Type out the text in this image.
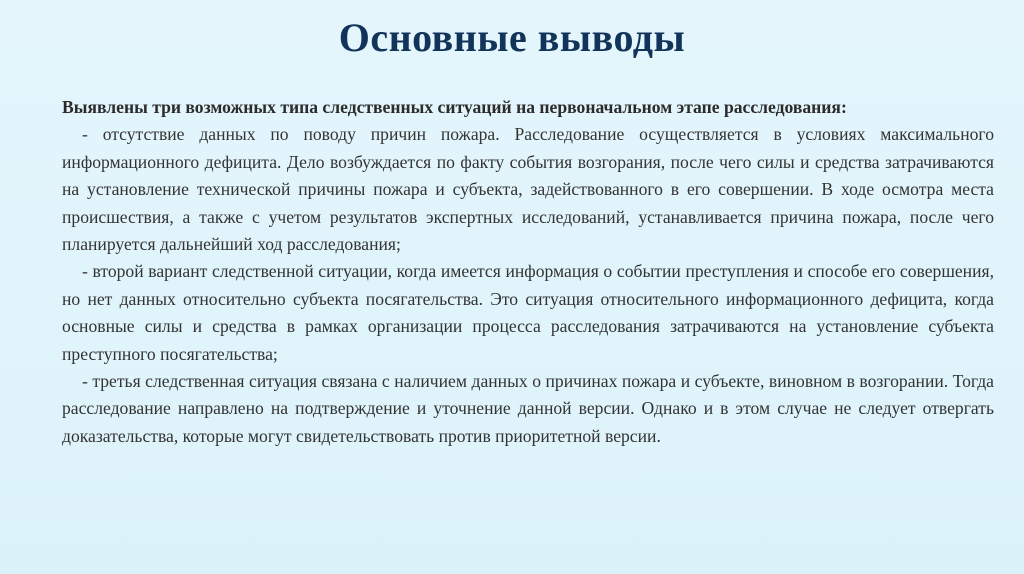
Основные выводы

Выявлены три возможных типа следственных ситуаций на первоначальном этапе расследования:

- отсутствие данных по поводу причин пожара. Расследование осуществляется в условиях максимального информационного дефицита. Дело возбуждается по факту события возгорания, после чего силы и средства затрачиваются на установление технической причины пожара и субъекта, задействованного в его совершении. В ходе осмотра места происшествия, а также с учетом результатов экспертных исследований, устанавливается причина пожара, после чего планируется дальнейший ход расследования;

- второй вариант следственной ситуации, когда имеется информация о событии преступления и способе его совершения, но нет данных относительно субъекта посягательства. Это ситуация относительного информационного дефицита, когда основные силы и средства в рамках организации процесса расследования затрачиваются на установление субъекта преступного посягательства;

- третья следственная ситуация связана с наличием данных о причинах пожара и субъекте, виновном в возгорании. Тогда расследование направлено на подтверждение и уточнение данной версии. Однако и в этом случае не следует отвергать доказательства, которые могут свидетельствовать против приоритетной версии.
